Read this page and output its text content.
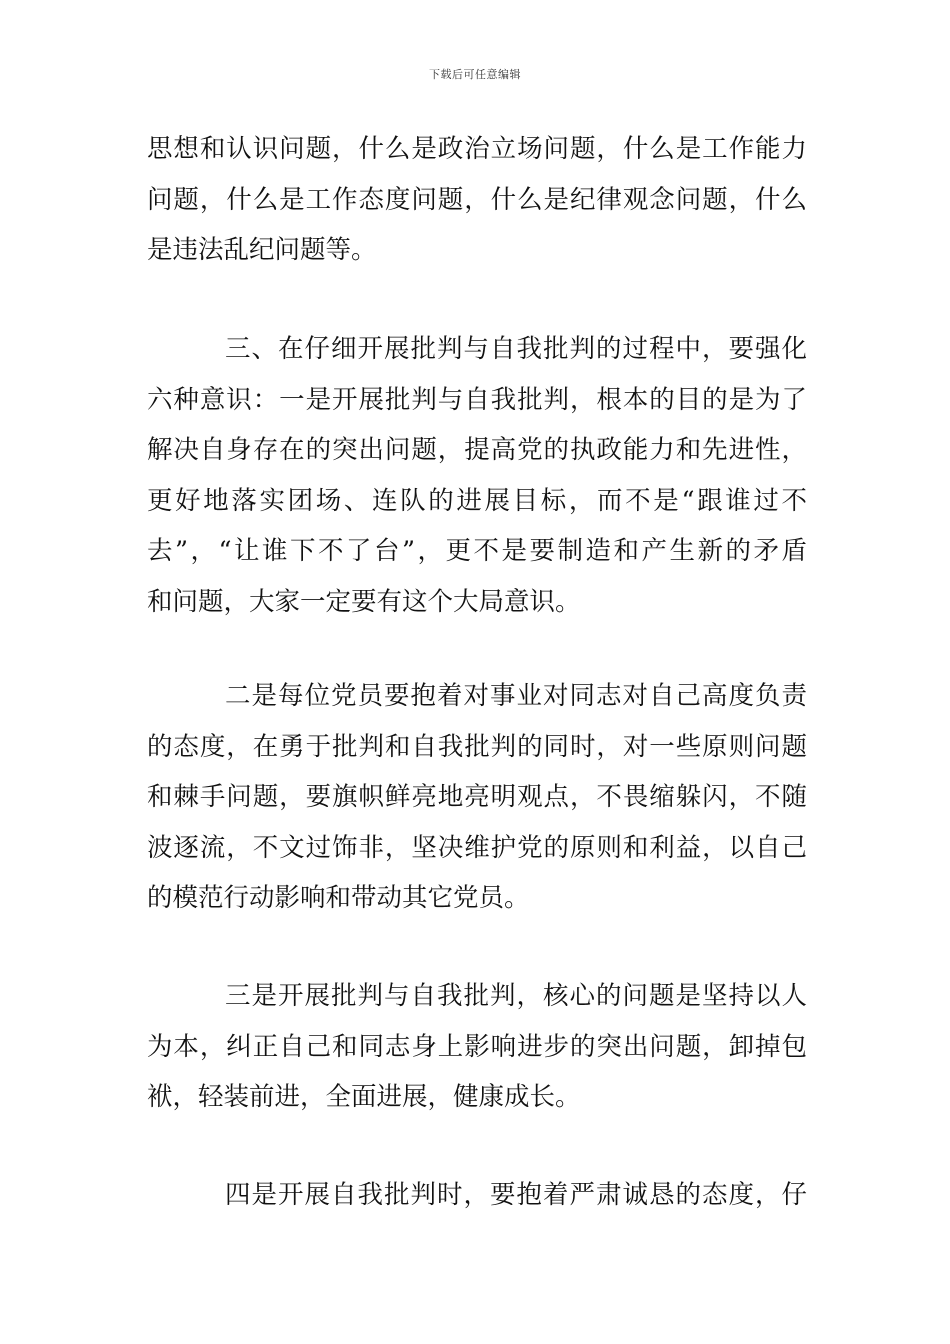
下载后可任意编辑
思想和认识问题，什么是政治立场问题，什么是工作能力
问题，什么是工作态度问题，什么是纪律观念问题，什么
是违法乱纪问题等。
三、在仔细开展批判与自我批判的过程中，要强化
六种意识：一是开展批判与自我批判，根本的目的是为了
解决自身存在的突出问题，提高党的执政能力和先进性，
更好地落实团场、连队的进展目标，而不是“跟谁过不
去”，“让谁下不了台”，更不是要制造和产生新的矛盾
和问题，大家一定要有这个大局意识。
二是每位党员要抱着对事业对同志对自己高度负责
的态度，在勇于批判和自我批判的同时，对一些原则问题
和棘手问题，要旗帜鲜亮地亮明观点，不畏缩躲闪，不随
波逐流，不文过饰非，坚决维护党的原则和利益，以自己
的模范行动影响和带动其它党员。
三是开展批判与自我批判，核心的问题是坚持以人
为本，纠正自己和同志身上影响进步的突出问题，卸掉包
袱，轻装前进，全面进展，健康成长。
四是开展自我批判时，要抱着严肃诚恳的态度，仔
